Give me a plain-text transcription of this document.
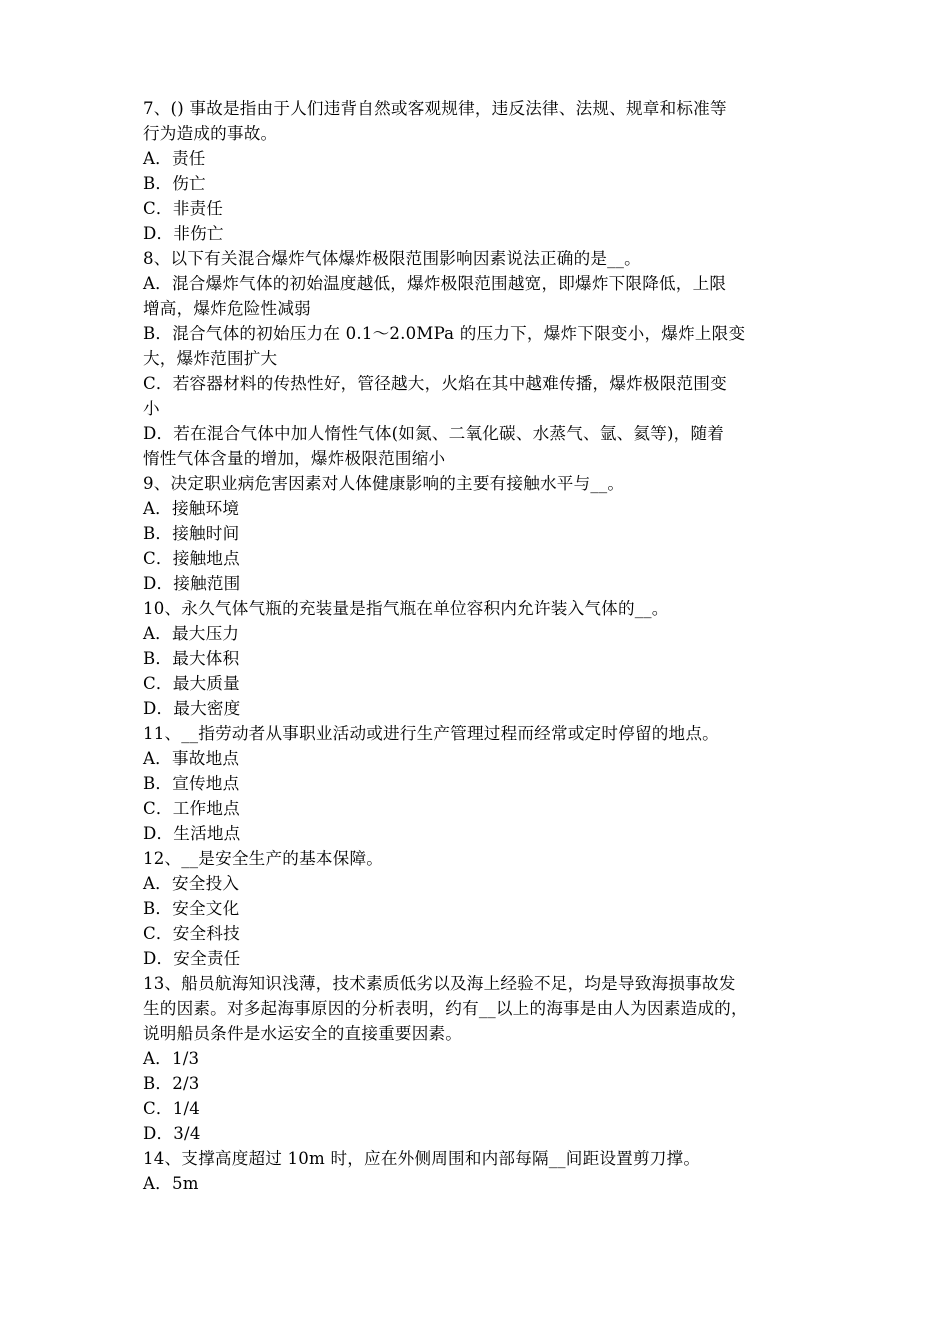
7、() 事故是指由于人们违背自然或客观规律，违反法律、法规、规章和标准等
行为造成的事故。
A．责任
B．伤亡
C．非责任
D．非伤亡
8、以下有关混合爆炸气体爆炸极限范围影响因素说法正确的是__。
A．混合爆炸气体的初始温度越低，爆炸极限范围越宽，即爆炸下限降低，上限
增高，爆炸危险性减弱
B．混合气体的初始压力在 0.1～2.0MPa 的压力下，爆炸下限变小，爆炸上限变
大，爆炸范围扩大
C．若容器材料的传热性好，管径越大，火焰在其中越难传播，爆炸极限范围变
小
D．若在混合气体中加人惰性气体(如氮、二氧化碳、水蒸气、氩、氦等)，随着
惰性气体含量的增加，爆炸极限范围缩小
9、决定职业病危害因素对人体健康影响的主要有接触水平与__。
A．接触环境
B．接触时间
C．接触地点
D．接触范围
10、永久气体气瓶的充装量是指气瓶在单位容积内允许装入气体的__。
A．最大压力
B．最大体积
C．最大质量
D．最大密度
11、__指劳动者从事职业活动或进行生产管理过程而经常或定时停留的地点。
A．事故地点
B．宣传地点
C．工作地点
D．生活地点
12、__是安全生产的基本保障。
A．安全投入
B．安全文化
C．安全科技
D．安全责任
13、船员航海知识浅薄，技术素质低劣以及海上经验不足，均是导致海损事故发
生的因素。对多起海事原因的分析表明，约有__以上的海事是由人为因素造成的，
说明船员条件是水运安全的直接重要因素。
A．1/3
B．2/3
C．1/4
D．3/4
14、支撑高度超过 10m 时，应在外侧周围和内部每隔__间距设置剪刀撑。
A．5m
